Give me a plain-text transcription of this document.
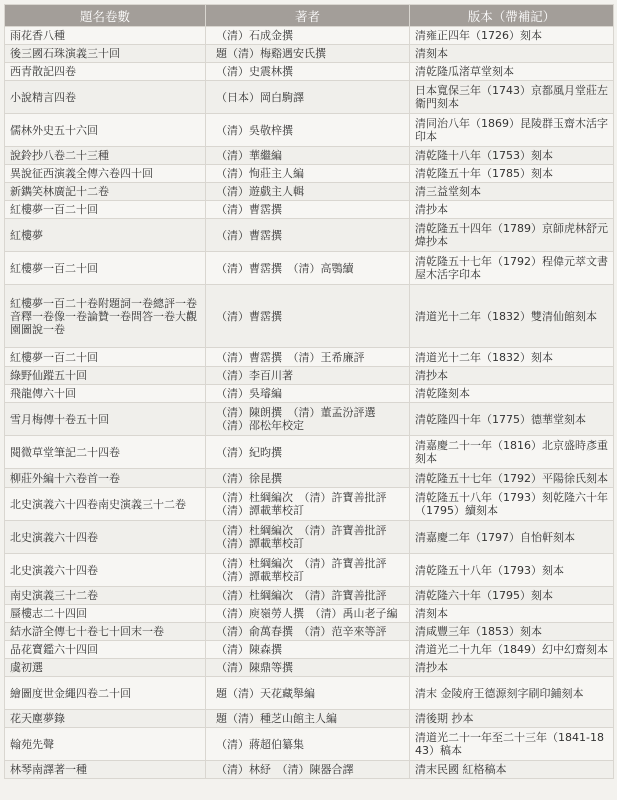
題名卷數	著者	版本（帶補記）
雨花香八種	（清）石成金撰	清雍正四年（1726）刻本
後三國石珠演義三十回	題（清）梅谿遇安氏撰	清刻本
西青散記四卷	（清）史震林撰	清乾隆瓜渚草堂刻本
小說精言四卷	（日本）岡白駒譯	日本寬保三年（1743）京都風月堂莊左衛門刻本
儒林外史五十六回	（清）吳敬梓撰	清同治八年（1869）昆陵群玉齋木活字印本
說鈴抄八卷二十三種	（清）華繼編	清乾隆十八年（1753）刻本
異說征西演義全傳六卷四十回	（清）恂莊主人編	清乾隆五十年（1785）刻本
新鐫笑林廣記十二卷	（清）遊戲主人輯	清三益堂刻本
紅樓夢一百二十回	（清）曹霑撰	清抄本
紅樓夢	（清）曹霑撰	清乾隆五十四年（1789）京師虎林舒元煒抄本
紅樓夢一百二十回	（清）曹霑撰　（清）高鶚續	清乾隆五十七年（1792）程偉元萃文書屋木活字印本
紅樓夢一百二十卷附題詞一卷總評一卷音釋一卷像一卷論贊一卷問答一卷大觀園圖說一卷	（清）曹霑撰	清道光十二年（1832）雙清仙館刻本
紅樓夢一百二十回	（清）曹霑撰　（清）王希廉評	清道光十二年（1832）刻本
綠野仙蹤五十回	（清）李百川著	清抄本
飛龍傳六十回	（清）吳璿編	清乾隆刻本
雪月梅傳十卷五十回	（清）陳朗撰　（清）董孟汾評選　（清）邵松年校定	清乾隆四十年（1775）德華堂刻本
閱微草堂筆記二十四卷	（清）紀昀撰	清嘉慶二十一年（1816）北京盛時彥重刻本
柳莊外編十六卷首一卷	（清）徐昆撰	清乾隆五十七年（1792）平陽徐氏刻本
北史演義六十四卷南史演義三十二卷	（清）杜綱編次　（清）許寶善批評　（清）譚載華校訂	清乾隆五十八年（1793）刻乾隆六十年（1795）續刻本
北史演義六十四卷	（清）杜綱編次　（清）許寶善批評　（清）譚載華校訂	清嘉慶二年（1797）自怡軒刻本
北史演義六十四卷	（清）杜綱編次　（清）許寶善批評　（清）譚載華校訂	清乾隆五十八年（1793）刻本
南史演義三十二卷	（清）杜綱編次　（清）許寶善批評	清乾隆六十年（1795）刻本
蜃樓志二十四回	（清）庾嶺勞人撰　（清）禹山老子編	清刻本
結水滸全傳七十卷七十回末一卷	（清）俞萬春撰　（清）范辛來等評	清咸豐三年（1853）刻本
品花寶鑑六十四回	（清）陳森撰	清道光二十九年（1849）幻中幻齋刻本
虞初選	（清）陳鼎等撰	清抄本
繪圖度世金繩四卷二十回	題（清）天花藏舉編	清末 金陵府王德源刻字刷印鋪刻本
花天塵夢錄	題（清）種芝山館主人編	清後期 抄本
翰苑先聲	（清）蔣超伯纂集	清道光二十一年至二十三年（1841-1843）稿本
林琴南譯著一種	（清）林紓　（清）陳器合譯	清末民國 紅格稿本
